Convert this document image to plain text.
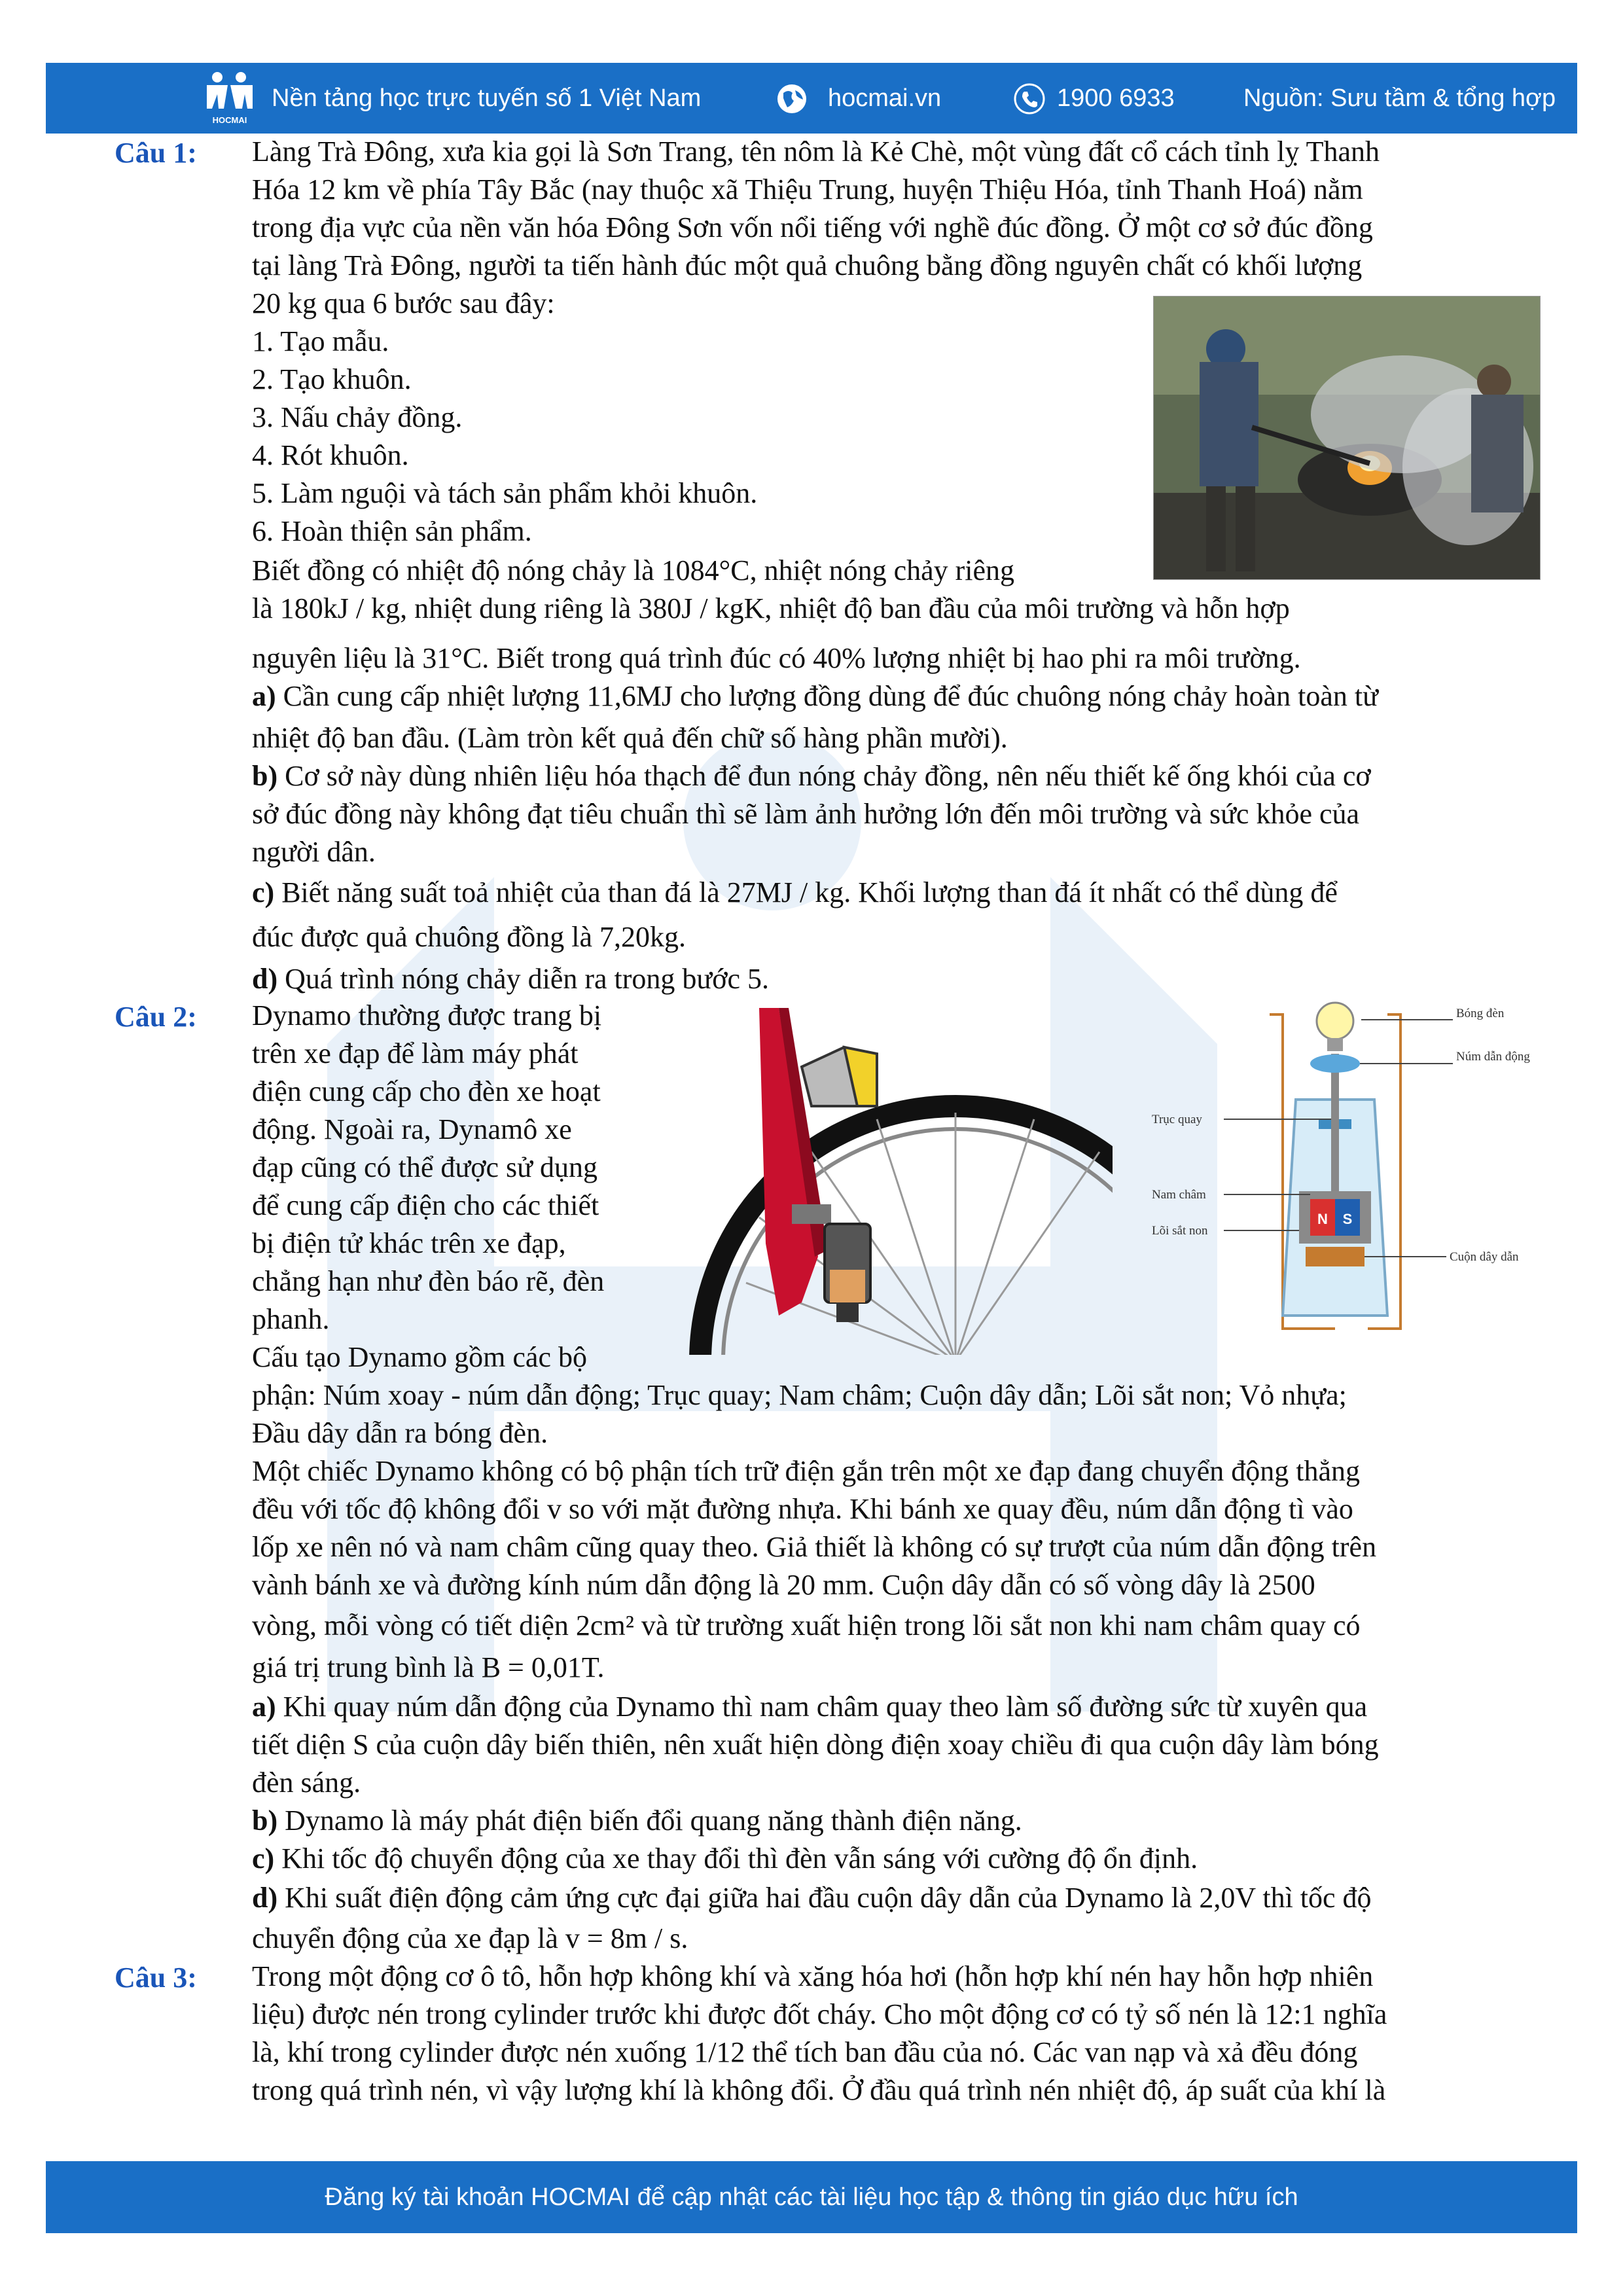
HOCMAI
Nền tảng học trực tuyến số 1 Việt Nam	hocmai.vn	1900 6933	Nguồn: Sưu tầm & tổng hợp
Câu 1: Làng Trà Đông, xưa kia gọi là Sơn Trang, tên nôm là Kẻ Chè, một vùng đất cổ cách tỉnh lỵ Thanh
Hóa 12 km về phía Tây Bắc (nay thuộc xã Thiệu Trung, huyện Thiệu Hóa, tỉnh Thanh Hoá) nằm
trong địa vực của nền văn hóa Đông Sơn vốn nổi tiếng với nghề đúc đồng. Ở một cơ sở đúc đồng
tại làng Trà Đông, người ta tiến hành đúc một quả chuông bằng đồng nguyên chất có khối lượng
20 kg qua 6 bước sau đây:
1. Tạo mẫu.
2. Tạo khuôn.
3. Nấu chảy đồng.
4. Rót khuôn.
5. Làm nguội và tách sản phẩm khỏi khuôn.
6. Hoàn thiện sản phẩm.
Biết đồng có nhiệt độ nóng chảy là 1084°C, nhiệt nóng chảy riêng
là 180kJ / kg, nhiệt dung riêng là 380J / kgK, nhiệt độ ban đầu của môi trường và hỗn hợp
nguyên liệu là 31°C. Biết trong quá trình đúc có 40% lượng nhiệt bị hao phi ra môi trường.
a) Cần cung cấp nhiệt lượng 11,6MJ cho lượng đồng dùng để đúc chuông nóng chảy hoàn toàn từ
nhiệt độ ban đầu. (Làm tròn kết quả đến chữ số hàng phần mười).
b) Cơ sở này dùng nhiên liệu hóa thạch để đun nóng chảy đồng, nên nếu thiết kế ống khói của cơ
sở đúc đồng này không đạt tiêu chuẩn thì sẽ làm ảnh hưởng lớn đến môi trường và sức khỏe của
người dân.
c) Biết năng suất toả nhiệt của than đá là 27MJ / kg. Khối lượng than đá ít nhất có thể dùng để
đúc được quả chuông đồng là 7,20kg.
d) Quá trình nóng chảy diễn ra trong bước 5.
Câu 2: Dynamo thường được trang bị
trên xe đạp để làm máy phát
điện cung cấp cho đèn xe hoạt
động. Ngoài ra, Dynamô xe
đạp cũng có thể được sử dụng
để cung cấp điện cho các thiết
bị điện tử khác trên xe đạp,
chẳng hạn như đèn báo rẽ, đèn
phanh.
Cấu tạo Dynamo gồm các bộ
phận: Núm xoay - núm dẫn động; Trục quay; Nam châm; Cuộn dây dẫn; Lõi sắt non; Vỏ nhựa;
Đầu dây dẫn ra bóng đèn.
Một chiếc Dynamo không có bộ phận tích trữ điện gắn trên một xe đạp đang chuyển động thẳng
đều với tốc độ không đổi v so với mặt đường nhựa. Khi bánh xe quay đều, núm dẫn động tì vào
lốp xe nên nó và nam châm cũng quay theo. Giả thiết là không có sự trượt của núm dẫn động trên
vành bánh xe và đường kính núm dẫn động là 20 mm. Cuộn dây dẫn có số vòng dây là 2500
vòng, mỗi vòng có tiết diện 2cm² và từ trường xuất hiện trong lõi sắt non khi nam châm quay có
giá trị trung bình là B = 0,01T.
a) Khi quay núm dẫn động của Dynamo thì nam châm quay theo làm số đường sức từ xuyên qua
tiết diện S của cuộn dây biến thiên, nên xuất hiện dòng điện xoay chiều đi qua cuộn dây làm bóng
đèn sáng.
b) Dynamo là máy phát điện biến đổi quang năng thành điện năng.
c) Khi tốc độ chuyển động của xe thay đổi thì đèn vẫn sáng với cường độ ổn định.
d) Khi suất điện động cảm ứng cực đại giữa hai đầu cuộn dây dẫn của Dynamo là 2,0V thì tốc độ
chuyển động của xe đạp là v = 8m / s.
N S
Bóng đèn
Núm dẫn động
Trục quay
Nam châm
Lõi sắt non
Cuộn dây dẫn
Câu 3: Trong một động cơ ô tô, hỗn hợp không khí và xăng hóa hơi (hỗn hợp khí nén hay hỗn hợp nhiên
liệu) được nén trong cylinder trước khi được đốt cháy. Cho một động cơ có tỷ số nén là 12:1 nghĩa
là, khí trong cylinder được nén xuống 1/12 thể tích ban đầu của nó. Các van nạp và xả đều đóng
trong quá trình nén, vì vậy lượng khí là không đổi. Ở đầu quá trình nén nhiệt độ, áp suất của khí là
Đăng ký tài khoản HOCMAI để cập nhật các tài liệu học tập & thông tin giáo dục hữu ích
